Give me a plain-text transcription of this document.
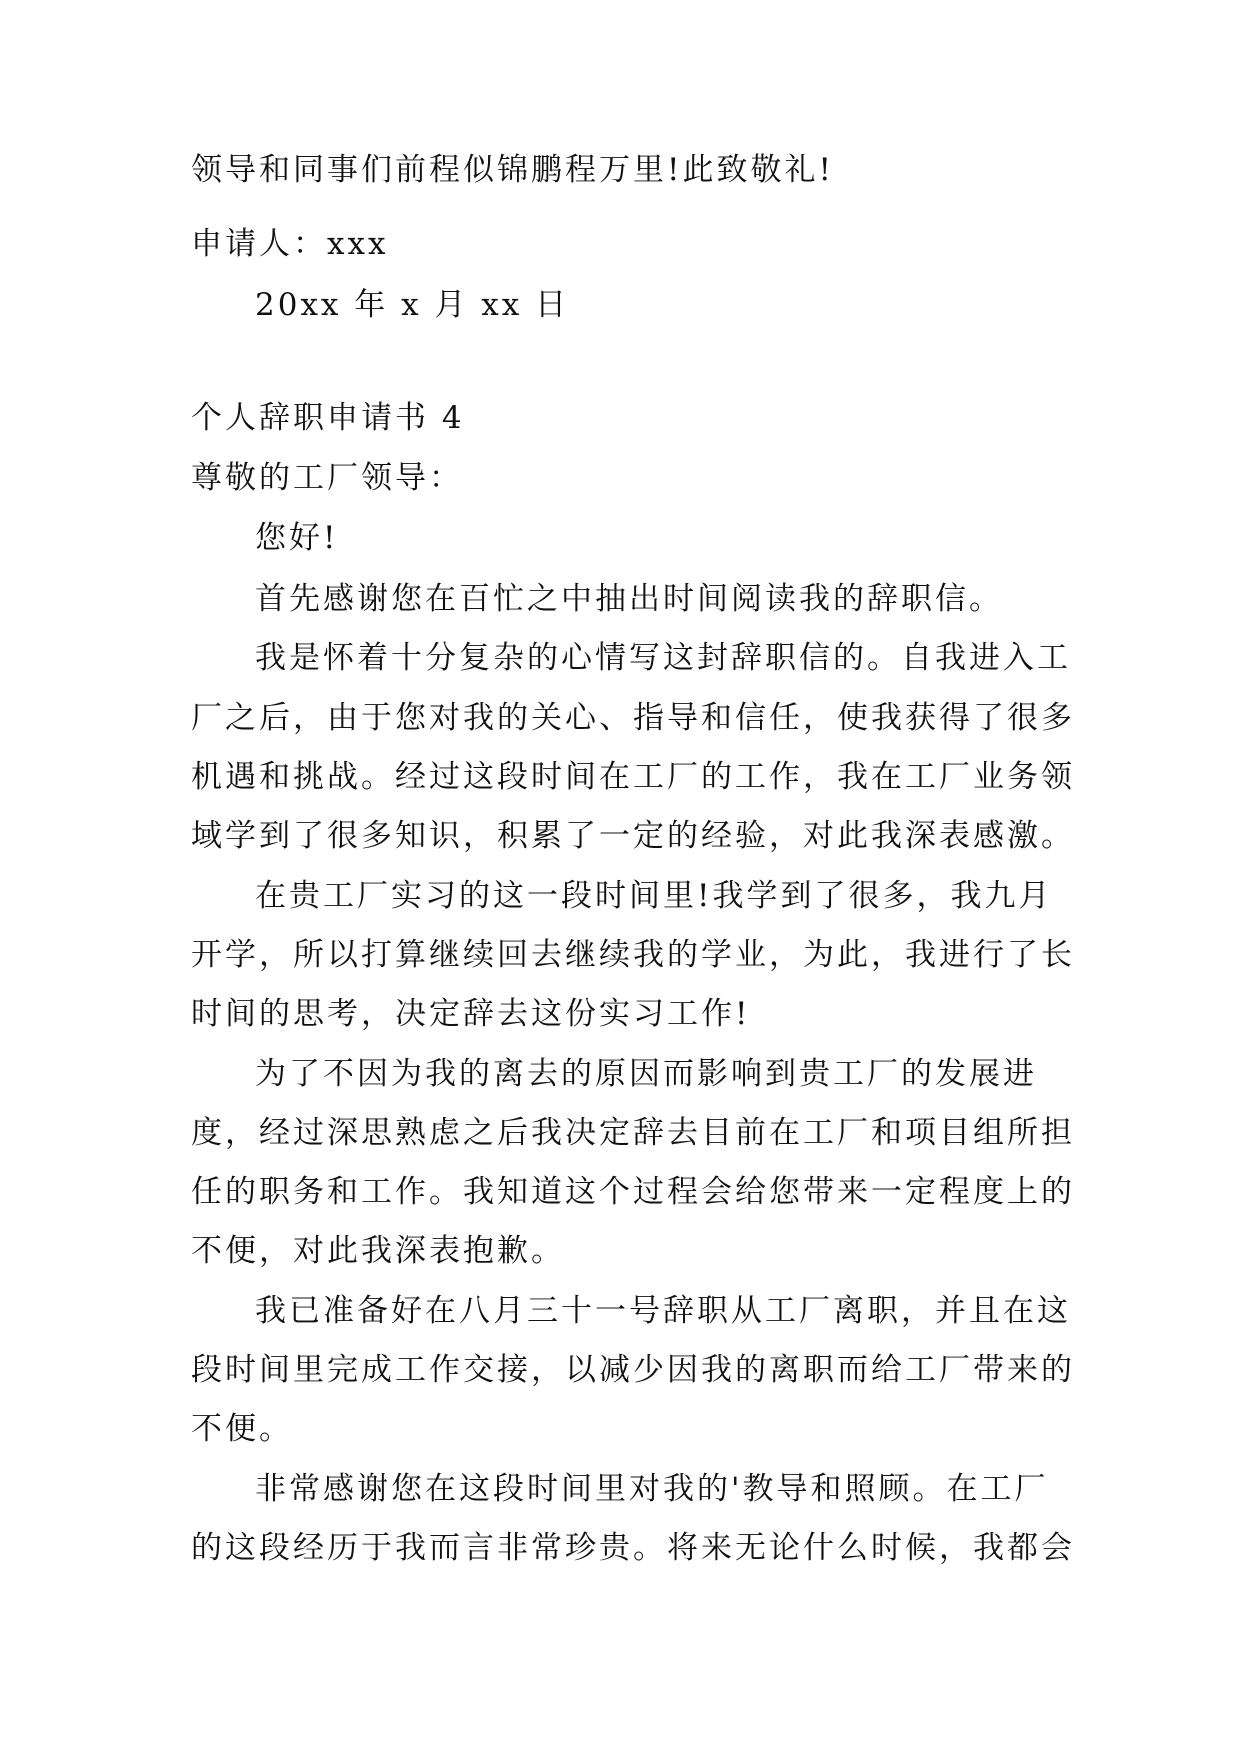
领导和同事们前程似锦鹏程万里!此致敬礼!
申请人：xxx
20xx 年 x 月 xx 日
个人辞职申请书 4
尊敬的工厂领导：
您好!
首先感谢您在百忙之中抽出时间阅读我的辞职信。
我是怀着十分复杂的心情写这封辞职信的。自我进入工
厂之后，由于您对我的关心、指导和信任，使我获得了很多
机遇和挑战。经过这段时间在工厂的工作，我在工厂业务领
域学到了很多知识，积累了一定的经验，对此我深表感激。
在贵工厂实习的这一段时间里!我学到了很多，我九月
开学，所以打算继续回去继续我的学业，为此，我进行了长
时间的思考，决定辞去这份实习工作!
为了不因为我的离去的原因而影响到贵工厂的发展进
度，经过深思熟虑之后我决定辞去目前在工厂和项目组所担
任的职务和工作。我知道这个过程会给您带来一定程度上的
不便，对此我深表抱歉。
我已准备好在八月三十一号辞职从工厂离职，并且在这
段时间里完成工作交接，以减少因我的离职而给工厂带来的
不便。
非常感谢您在这段时间里对我的'教导和照顾。在工厂
的这段经历于我而言非常珍贵。将来无论什么时候，我都会
